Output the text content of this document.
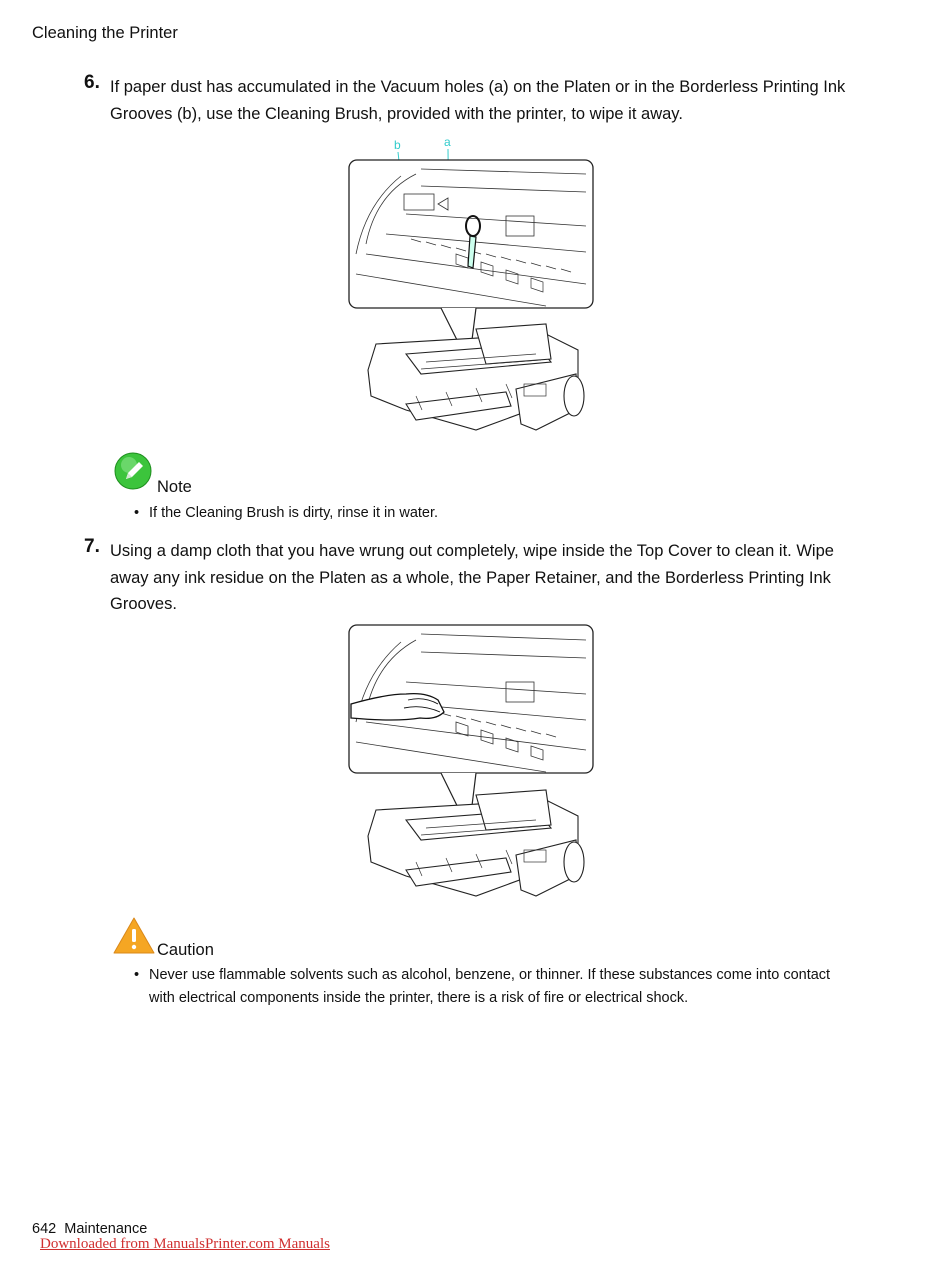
Cleaning the Printer
6. If paper dust has accumulated in the Vacuum holes (a) on the Platen or in the Borderless Printing Ink Grooves (b), use the Cleaning Brush, provided with the printer, to wipe it away.

b	a
Note
• If the Cleaning Brush is dirty, rinse it in water.
7. Using a damp cloth that you have wrung out completely, wipe inside the Top Cover to clean it. Wipe away any ink residue on the Platen as a whole, the Paper Retainer, and the Borderless Printing Ink Grooves.

Caution
• Never use flammable solvents such as alcohol, benzene, or thinner. If these substances come into contact with electrical components inside the printer, there is a risk of fire or electrical shock.
642  Maintenance
Downloaded from ManualsPrinter.com Manuals
